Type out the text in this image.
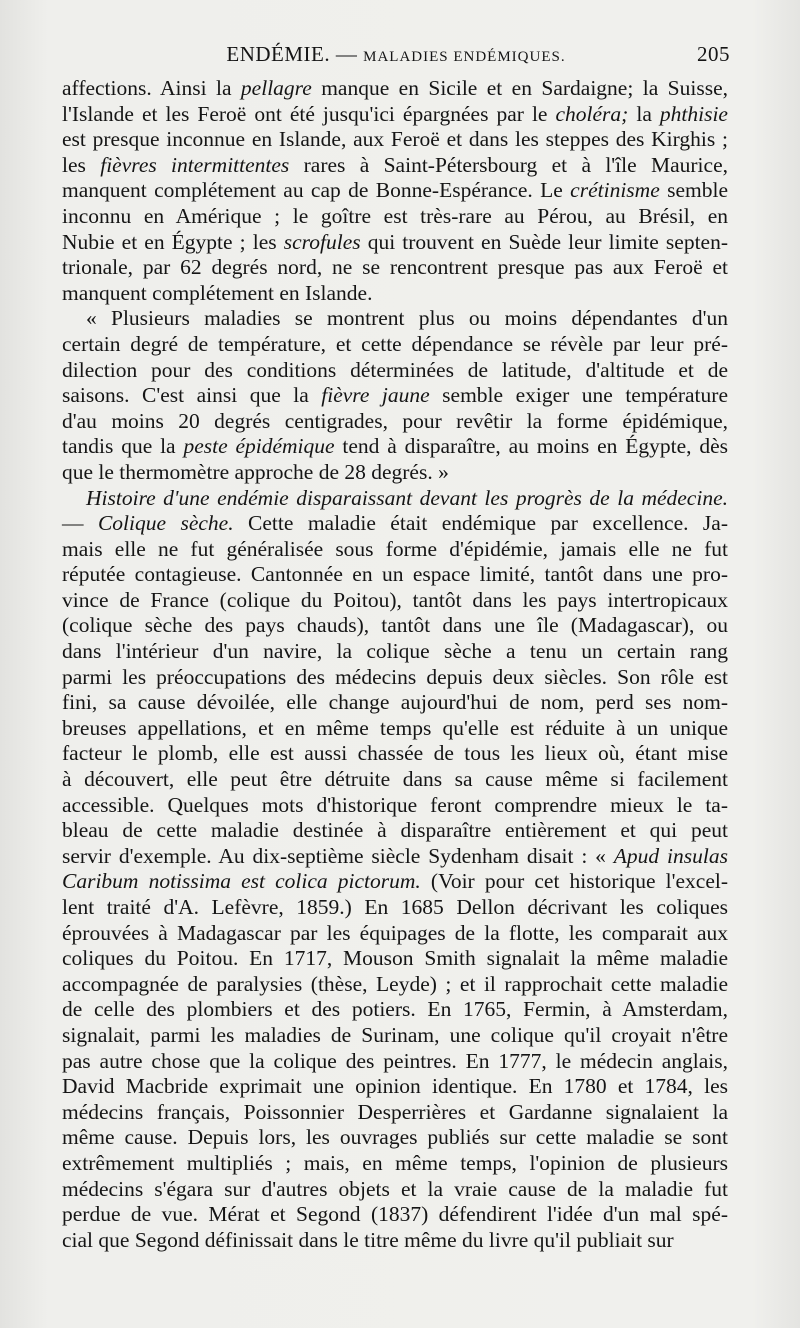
ENDÉMIE. — MALADIES ENDÉMIQUES.	205
affections. Ainsi la pellagre manque en Sicile et en Sardaigne; la Suisse,
l'Islande et les Feroë ont été jusqu'ici épargnées par le choléra; la phthisie
est presque inconnue en Islande, aux Feroë et dans les steppes des Kirghis ;
les fièvres intermittentes rares à Saint-Pétersbourg et à l'île Maurice,
manquent complétement au cap de Bonne-Espérance. Le crétinisme semble
inconnu en Amérique ; le goître est très-rare au Pérou, au Brésil, en
Nubie et en Égypte ; les scrofules qui trouvent en Suède leur limite septen-
trionale, par 62 degrés nord, ne se rencontrent presque pas aux Feroë et
manquent complétement en Islande.
« Plusieurs maladies se montrent plus ou moins dépendantes d'un
certain degré de température, et cette dépendance se révèle par leur pré-
dilection pour des conditions déterminées de latitude, d'altitude et de
saisons. C'est ainsi que la fièvre jaune semble exiger une température
d'au moins 20 degrés centigrades, pour revêtir la forme épidémique,
tandis que la peste épidémique tend à disparaître, au moins en Égypte, dès
que le thermomètre approche de 28 degrés. »
Histoire d'une endémie disparaissant devant les progrès de la médecine.
— Colique sèche. Cette maladie était endémique par excellence. Ja-
mais elle ne fut généralisée sous forme d'épidémie, jamais elle ne fut
réputée contagieuse. Cantonnée en un espace limité, tantôt dans une pro-
vince de France (colique du Poitou), tantôt dans les pays intertropicaux
(colique sèche des pays chauds), tantôt dans une île (Madagascar), ou
dans l'intérieur d'un navire, la colique sèche a tenu un certain rang
parmi les préoccupations des médecins depuis deux siècles. Son rôle est
fini, sa cause dévoilée, elle change aujourd'hui de nom, perd ses nom-
breuses appellations, et en même temps qu'elle est réduite à un unique
facteur le plomb, elle est aussi chassée de tous les lieux où, étant mise
à découvert, elle peut être détruite dans sa cause même si facilement
accessible. Quelques mots d'historique feront comprendre mieux le ta-
bleau de cette maladie destinée à disparaître entièrement et qui peut
servir d'exemple. Au dix-septième siècle Sydenham disait : « Apud insulas
Caribum notissima est colica pictorum. (Voir pour cet historique l'excel-
lent traité d'A. Lefèvre, 1859.) En 1685 Dellon décrivant les coliques
éprouvées à Madagascar par les équipages de la flotte, les comparait aux
coliques du Poitou. En 1717, Mouson Smith signalait la même maladie
accompagnée de paralysies (thèse, Leyde) ; et il rapprochait cette maladie
de celle des plombiers et des potiers. En 1765, Fermin, à Amsterdam,
signalait, parmi les maladies de Surinam, une colique qu'il croyait n'être
pas autre chose que la colique des peintres. En 1777, le médecin anglais,
David Macbride exprimait une opinion identique. En 1780 et 1784, les
médecins français, Poissonnier Desperrières et Gardanne signalaient la
même cause. Depuis lors, les ouvrages publiés sur cette maladie se sont
extrêmement multipliés ; mais, en même temps, l'opinion de plusieurs
médecins s'égara sur d'autres objets et la vraie cause de la maladie fut
perdue de vue. Mérat et Segond (1837) défendirent l'idée d'un mal spé-
cial que Segond définissait dans le titre même du livre qu'il publiait sur
